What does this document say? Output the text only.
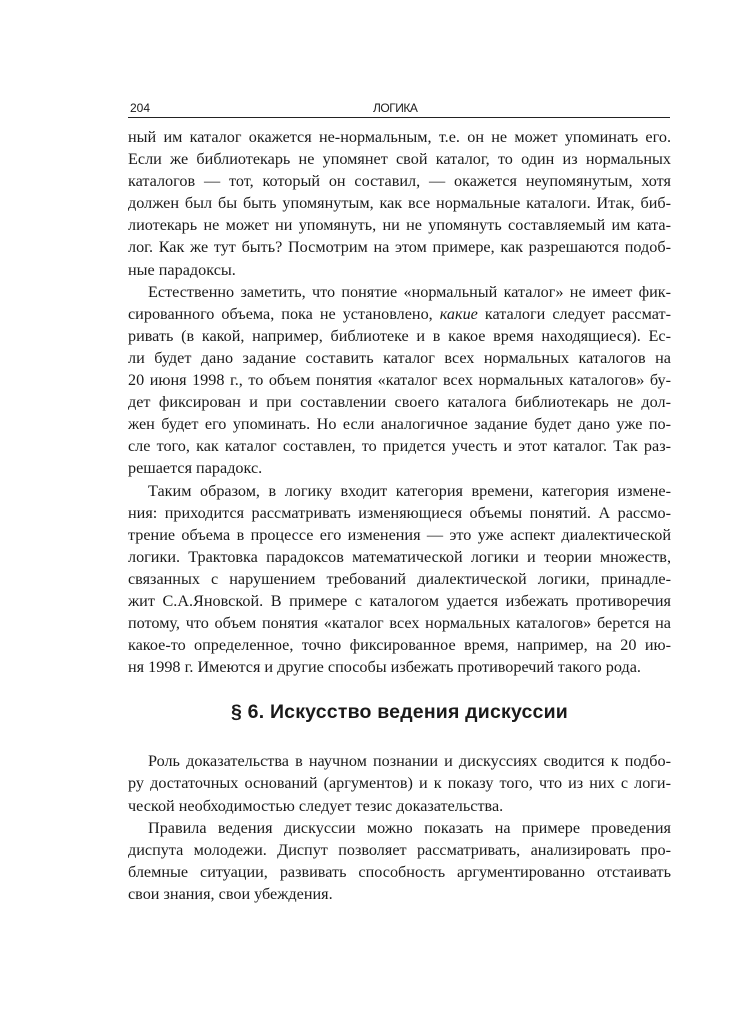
204	ЛОГИКА
ный им каталог окажется не-нормальным, т.е. он не может упоминать его.
Если же библиотекарь не упомянет свой каталог, то один из нормальных
каталогов — тот, который он составил, — окажется неупомянутым, хотя
должен был бы быть упомянутым, как все нормальные каталоги. Итак, биб-
лиотекарь не может ни упомянуть, ни не упомянуть составляемый им ката-
лог. Как же тут быть? Посмотрим на этом примере, как разрешаются подоб-
ные парадоксы.
Естественно заметить, что понятие «нормальный каталог» не имеет фик-
сированного объема, пока не установлено, какие каталоги следует рассмат-
ривать (в какой, например, библиотеке и в какое время находящиеся). Ес-
ли будет дано задание составить каталог всех нормальных каталогов на
20 июня 1998 г., то объем понятия «каталог всех нормальных каталогов» бу-
дет фиксирован и при составлении своего каталога библиотекарь не дол-
жен будет его упоминать. Но если аналогичное задание будет дано уже по-
сле того, как каталог составлен, то придется учесть и этот каталог. Так раз-
решается парадокс.
Таким образом, в логику входит категория времени, категория измене-
ния: приходится рассматривать изменяющиеся объемы понятий. А рассмо-
трение объема в процессе его изменения — это уже аспект диалектической
логики. Трактовка парадоксов математической логики и теории множеств,
связанных с нарушением требований диалектической логики, принадле-
жит С.А.Яновской. В примере с каталогом удается избежать противоречия
потому, что объем понятия «каталог всех нормальных каталогов» берется на
какое-то определенное, точно фиксированное время, например, на 20 ию-
ня 1998 г. Имеются и другие способы избежать противоречий такого рода.
§ 6. Искусство ведения дискуссии
Роль доказательства в научном познании и дискуссиях сводится к подбо-
ру достаточных оснований (аргументов) и к показу того, что из них с логи-
ческой необходимостью следует тезис доказательства.
Правила ведения дискуссии можно показать на примере проведения
диспута молодежи. Диспут позволяет рассматривать, анализировать про-
блемные ситуации, развивать способность аргументированно отстаивать
свои знания, свои убеждения.
